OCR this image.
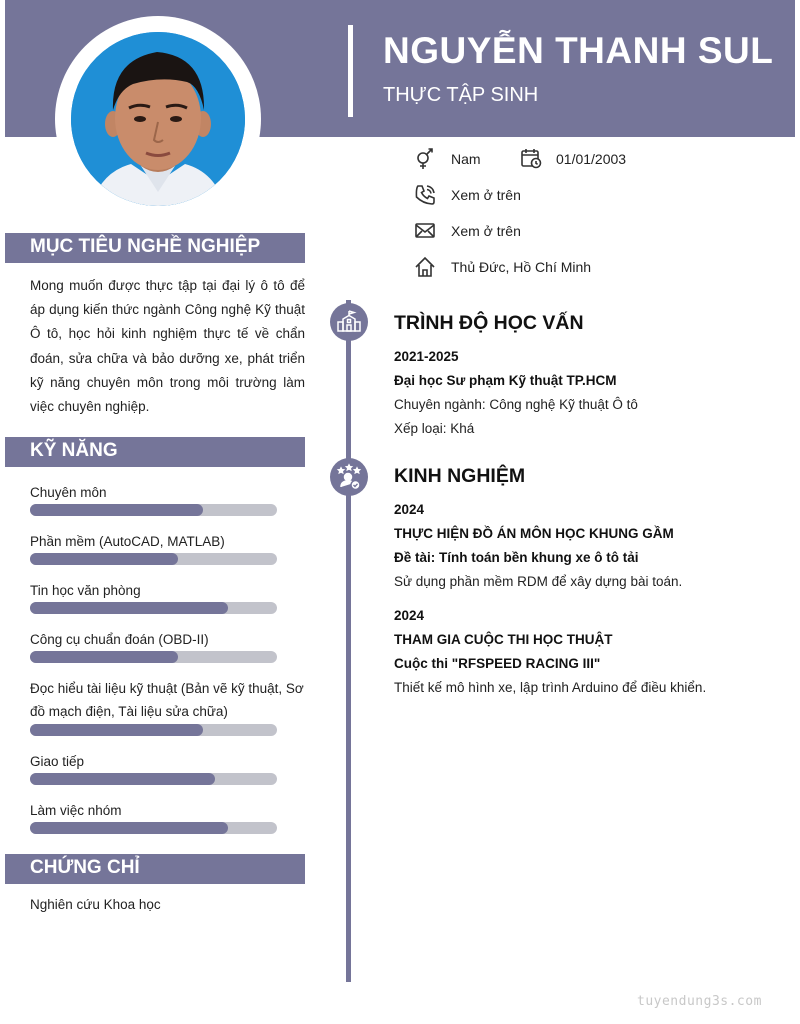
NGUYỄN THANH SUL
THỰC TẬP SINH
Nam	01/01/2003
Xem ở trên
Xem ở trên
Thủ Đức, Hồ Chí Minh
MỤC TIÊU NGHỀ NGHIỆP
Mong muốn được thực tập tại đại lý ô tô để áp dụng kiến thức ngành Công nghệ Kỹ thuật Ô tô, học hỏi kinh nghiệm thực tế về chẩn đoán, sửa chữa và bảo dưỡng xe, phát triển kỹ năng chuyên môn trong môi trường làm việc chuyên nghiệp.
KỸ NĂNG
Chuyên môn
Phần mềm (AutoCAD, MATLAB)
Tin học văn phòng
Công cụ chuẩn đoán (OBD-II)
Đọc hiểu tài liệu kỹ thuật (Bản vẽ kỹ thuật, Sơ đồ mạch điện, Tài liệu sửa chữa)
Giao tiếp
Làm việc nhóm
CHỨNG CHỈ
Nghiên cứu Khoa học
TRÌNH ĐỘ HỌC VẤN
2021-2025
Đại học Sư phạm Kỹ thuật TP.HCM
Chuyên ngành: Công nghệ Kỹ thuật Ô tô
Xếp loại: Khá
KINH NGHIỆM
2024
THỰC HIỆN ĐỒ ÁN MÔN HỌC KHUNG GẦM
Đề tài: Tính toán bền khung xe ô tô tải
Sử dụng phần mềm RDM để xây dựng bài toán.
2024
THAM GIA CUỘC THI HỌC THUẬT
Cuộc thi "RFSPEED RACING III"
Thiết kế mô hình xe, lập trình Arduino để điều khiển.
tuyendung3s.com
